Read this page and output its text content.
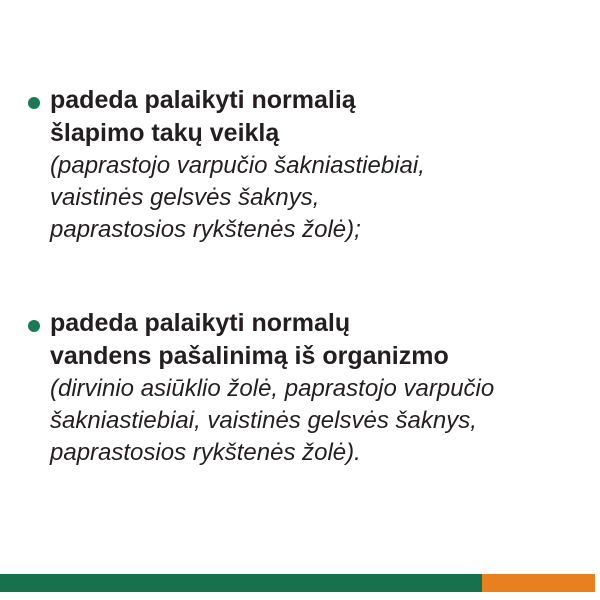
padeda palaikyti normalią
šlapimo takų veiklą
(paprastojo varpučio šakniastiebiai,
vaistinės gelsvės šaknys,
paprastosios rykštenės žolė);
padeda palaikyti normalų
vandens pašalinimą iš organizmo
(dirvinio asiūklio žolė, paprastojo varpučio
šakniastiebiai, vaistinės gelsvės šaknys,
paprastosios rykštenės žolė).
